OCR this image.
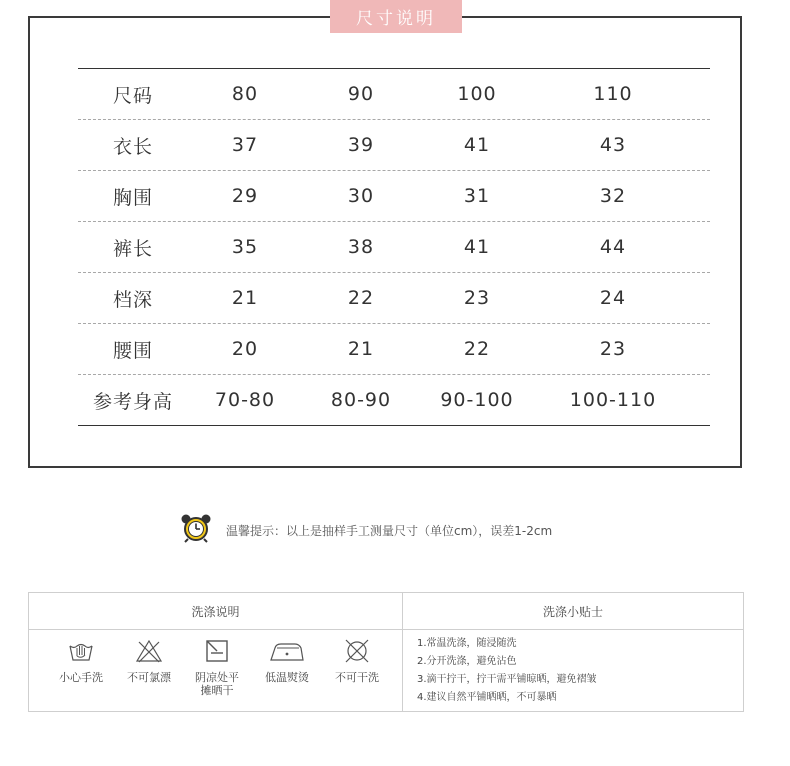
尺寸说明
尺码	80	90	100	110
衣长	37	39	41	43
胸围	29	30	31	32
裤长	35	38	41	44
档深	21	22	23	24
腰围	20	21	22	23
参考身高	70-80	80-90	90-100	100-110
温馨提示：以上是抽样手工测量尺寸（单位cm），误差1-2cm
洗涤说明	洗涤小贴士
小心手洗	不可氯漂	阴凉处平
摊晒干
低温熨烫	不可干洗
1.常温洗涤，随浸随洗
2.分开洗涤，避免沾色
3.滴干拧干，拧干需平铺晾晒，避免褶皱
4.建议自然平铺晒晒，不可暴晒
